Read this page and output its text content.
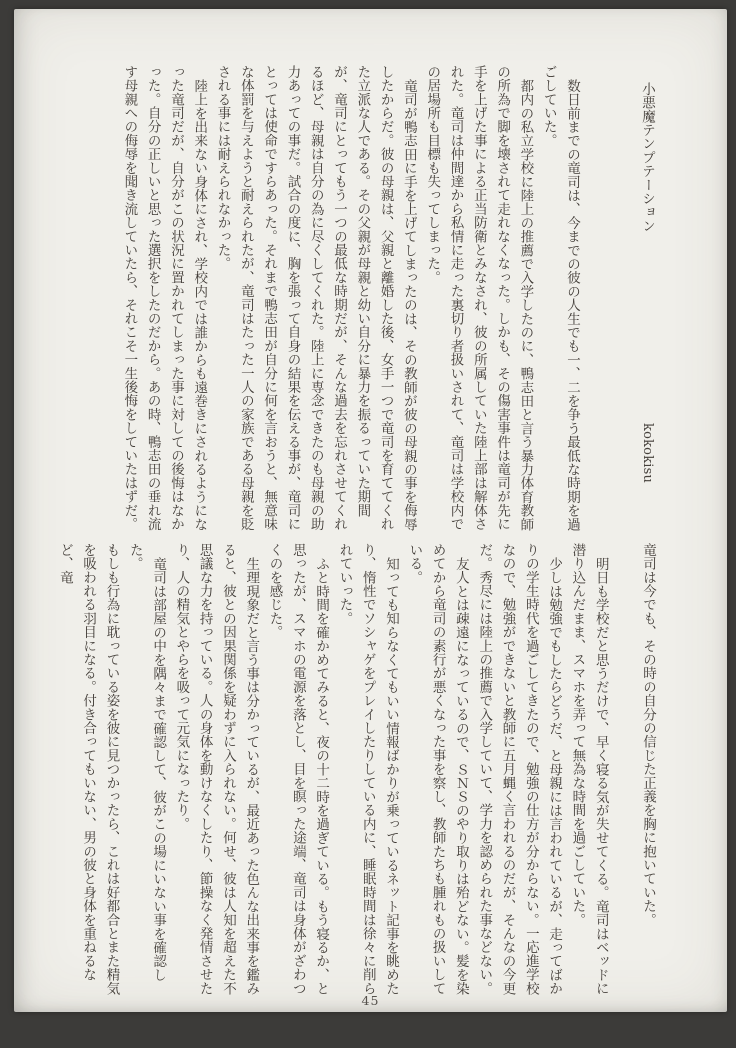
小悪魔テンプテーション kokokisu

数日前までの竜司は、今までの彼の人生でも一、二を争う最低な時期を過ごしていた。

都内の私立学校に陸上の推薦で入学したのに、鴨志田と言う暴力体育教師の所為で脚を壊されて走れなくなった。しかも、その傷害事件は竜司が先に手を上げた事による正当防衛とみなされ、彼の所属していた陸上部は解体された。竜司は仲間達から私情に走った裏切り者扱いされて、竜司は学校内での居場所も目標も失ってしまった。

竜司が鴨志田に手を上げてしまったのは、その教師が彼の母親の事を侮辱したからだ。彼の母親は、父親と離婚した後、女手一つで竜司を育ててくれた立派な人である。その父親が母親と幼い自分に暴力を振るっていた期間が、竜司にとってもう一つの最低な時期だが、そんな過去を忘れさせてくれるほど、母親は自分の為に尽くしてくれた。陸上に専念できたのも母親の助力あっての事だ。試合の度に、胸を張って自身の結果を伝える事が、竜司にとっては使命ですらあった。それまで鴨志田が自分に何を言おうと、無意味な体罰を与えようと耐えられたが、竜司はたった一人の家族である母親を貶される事には耐えられなかった。

陸上を出来ない身体にされ、学校内では誰からも遠巻きにされるようになった竜司だが、自分がこの状況に置かれてしまった事に対しての後悔はなかった。自分の正しいと思った選択をしたのだから。あの時、鴨志田の垂れ流す母親への侮辱を聞き流していたら、それこそ一生後悔をしていたはずだ。

竜司は今でも、その時の自分の信じた正義を胸に抱いていた。

明日も学校だと思うだけで、早く寝る気が失せてくる。竜司はベッドに潜り込んだまま、スマホを弄って無為な時間を過ごしていた。

少しは勉強でもしたらどうだ、と母親には言われているが、走ってばかりの学生時代を過ごしてきたので、勉強の仕方が分からない。一応進学校なので、勉強ができないと教師に五月蝿く言われるのだが、そんなの今更だ。秀尽には陸上の推薦で入学していて、学力を認められた事などない。

友人とは疎遠になっているので、ＳＮＳのやり取りは殆どない。髪を染めてから竜司の素行が悪くなった事を察し、教師たちも腫れもの扱いしている。

知っても知らなくてもいい情報ばかりが乗っているネット記事を眺めたり、惰性でソシャゲをプレイしたりしている内に、睡眠時間は徐々に削られていった。

ふと時間を確かめてみると、夜の十二時を過ぎている。もう寝るか、と思ったが、スマホの電源を落とし、目を瞑った途端、竜司は身体がざわつくのを感じた。

生理現象だと言う事は分かっているが、最近あった色んな出来事を鑑みると、彼との因果関係を疑わずに入られない。何せ、彼は人知を超えた不思議な力を持っている。人の身体を動けなくしたり、節操なく発情させたり、人の精気とやらを吸って元気になったり。

竜司は部屋の中を隅々まで確認して、彼がこの場にいない事を確認した。

もしも行為に耽っている姿を彼に見つかったら、これは好都合とまた精気を吸われる羽目になる。付き合ってもいない、男の彼と身体を重ねるなど、竜

45
